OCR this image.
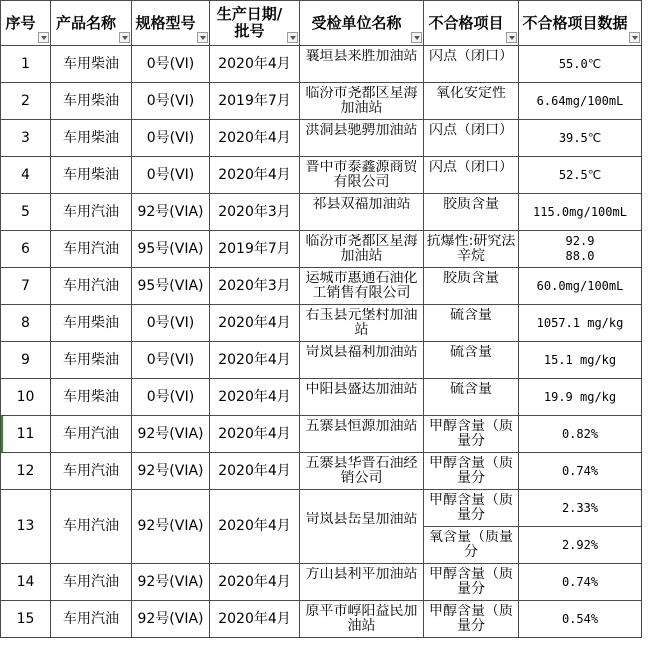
序号	产品名称	规格型号	生产日期/批号	受检单位名称	不合格项目	不合格项目数据

1	车用柴油	0号(VI)	2020年4月	襄垣县来胜加油站	闪点（闭口）	55.0℃
2	车用柴油	0号(VI)	2019年7月	临汾市尧都区星海加油站	氧化安定性	6.64mg/100mL
3	车用柴油	0号(VI)	2020年4月	洪洞县驰骋加油站	闪点（闭口）	39.5℃
4	车用柴油	0号(VI)	2020年4月	晋中市泰鑫源商贸有限公司	闪点（闭口）	52.5℃
5	车用汽油	92号(VIA)	2020年3月	祁县双福加油站	胶质含量	115.0mg/100mL
6	车用汽油	95号(VIA)	2019年7月	临汾市尧都区星海加油站	抗爆性:研究法辛烷	92.9
88.0
7	车用汽油	95号(VIA)	2020年3月	运城市惠通石油化工销售有限公司	胶质含量	60.0mg/100mL
8	车用柴油	0号(VI)	2020年4月	右玉县元堡村加油站	硫含量	1057.1 mg/kg
9	车用柴油	0号(VI)	2020年4月	岢岚县福利加油站	硫含量	15.1 mg/kg
10	车用柴油	0号(VI)	2020年4月	中阳县盛达加油站	硫含量	19.9 mg/kg
11	车用汽油	92号(VIA)	2020年4月	五寨县恒源加油站	甲醇含量（质量分	0.82%
12	车用汽油	92号(VIA)	2020年4月	五寨县华晋石油经销公司	甲醇含量（质量分	0.74%
13	车用汽油	92号(VIA)	2020年4月	岢岚县岳皇加油站	甲醇含量（质量分	2.33%

					氧含量（质量分	2.92%
14	车用汽油	92号(VIA)	2020年4月	方山县利平加油站	甲醇含量（质量分	0.74%
15	车用汽油	92号(VIA)	2020年4月	原平市崞阳益民加油站	甲醇含量（质量分	0.54%
